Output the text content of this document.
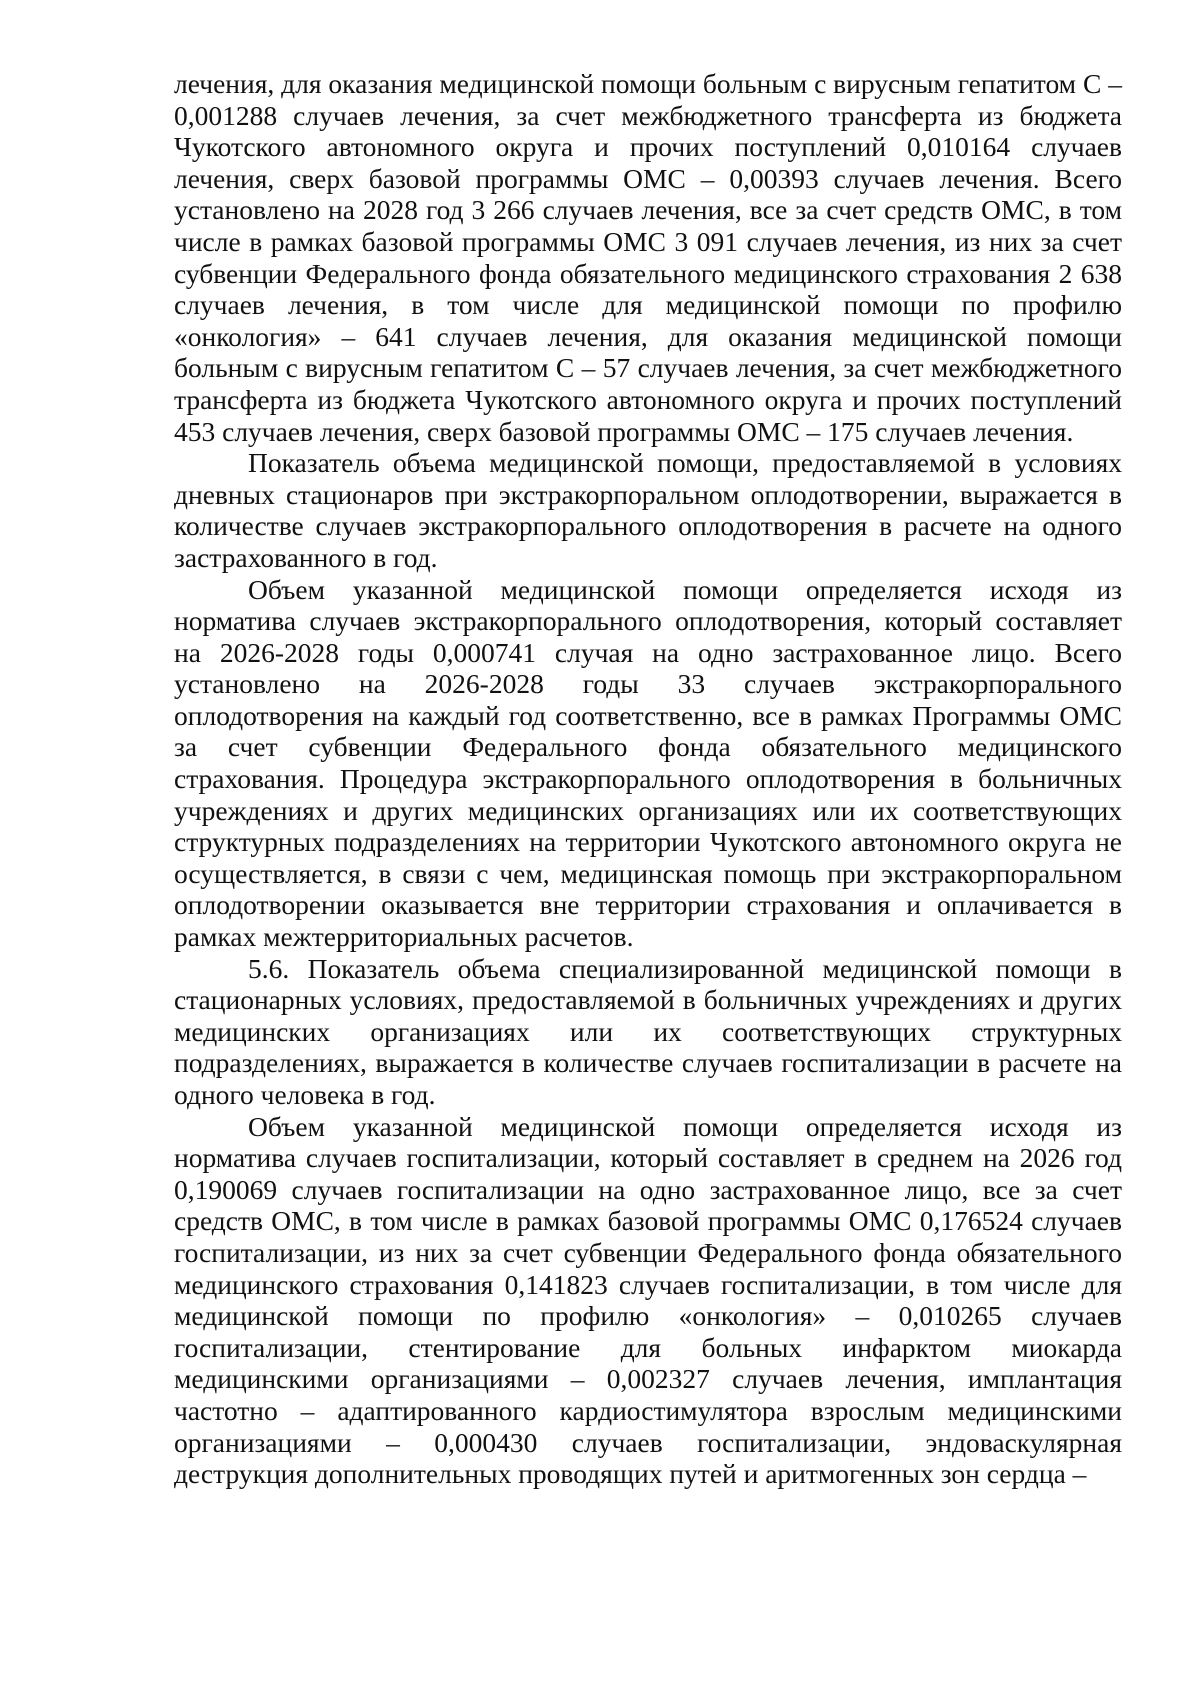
лечения, для оказания медицинской помощи больным с вирусным гепатитом С – 0,001288 случаев лечения, за счет межбюджетного трансферта из бюджета Чукотского автономного округа и прочих поступлений 0,010164 случаев лечения, сверх базовой программы ОМС – 0,00393 случаев лечения. Всего установлено на 2028 год 3 266 случаев лечения, все за счет средств ОМС, в том числе в рамках базовой программы ОМС 3 091 случаев лечения, из них за счет субвенции Федерального фонда обязательного медицинского страхования 2 638 случаев лечения, в том числе для медицинской помощи по профилю «онкология» – 641 случаев лечения, для оказания медицинской помощи больным с вирусным гепатитом С – 57 случаев лечения, за счет межбюджетного трансферта из бюджета Чукотского автономного округа и прочих поступлений 453 случаев лечения, сверх базовой программы ОМС – 175 случаев лечения.

Показатель объема медицинской помощи, предоставляемой в условиях дневных стационаров при экстракорпоральном оплодотворении, выражается в количестве случаев экстракорпорального оплодотворения в расчете на одного застрахованного в год.

Объем указанной медицинской помощи определяется исходя из норматива случаев экстракорпорального оплодотворения, который составляет на 2026-2028 годы 0,000741 случая на одно застрахованное лицо. Всего установлено на 2026-2028 годы 33 случаев экстракорпорального оплодотворения на каждый год соответственно, все в рамках Программы ОМС за счет субвенции Федерального фонда обязательного медицинского страхования. Процедура экстракорпорального оплодотворения в больничных учреждениях и других медицинских организациях или их соответствующих структурных подразделениях на территории Чукотского автономного округа не осуществляется, в связи с чем, медицинская помощь при экстракорпоральном оплодотворении оказывается вне территории страхования и оплачивается в рамках межтерриториальных расчетов.

5.6. Показатель объема специализированной медицинской помощи в стационарных условиях, предоставляемой в больничных учреждениях и других медицинских организациях или их соответствующих структурных подразделениях, выражается в количестве случаев госпитализации в расчете на одного человека в год.

Объем указанной медицинской помощи определяется исходя из норматива случаев госпитализации, который составляет в среднем на 2026 год 0,190069 случаев госпитализации на одно застрахованное лицо, все за счет средств ОМС, в том числе в рамках базовой программы ОМС 0,176524 случаев госпитализации, из них за счет субвенции Федерального фонда обязательного медицинского страхования 0,141823 случаев госпитализации, в том числе для медицинской помощи по профилю «онкология» – 0,010265 случаев госпитализации, стентирование для больных инфарктом миокарда медицинскими организациями – 0,002327 случаев лечения, имплантация частотно – адаптированного кардиостимулятора взрослым медицинскими организациями – 0,000430 случаев госпитализации, эндоваскулярная деструкция дополнительных проводящих путей и аритмогенных зон сердца –
